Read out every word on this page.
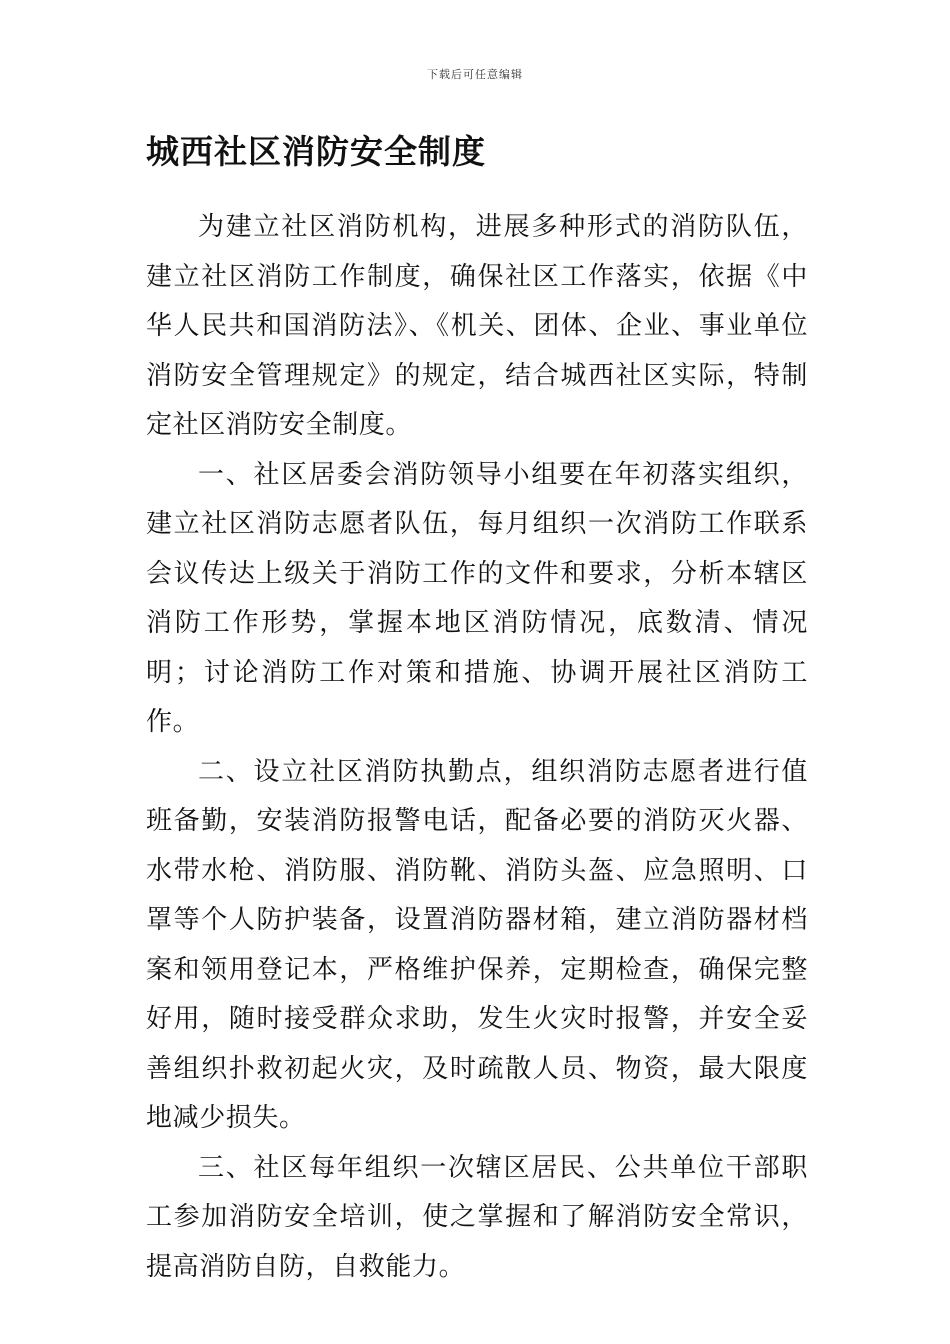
下载后可任意编辑
城西社区消防安全制度

为建立社区消防机构，进展多种形式的消防队伍，建立社区消防工作制度，确保社区工作落实，依据《中华人民共和国消防法》、《机关、团体、企业、事业单位消防安全管理规定》的规定，结合城西社区实际，特制定社区消防安全制度。

一、社区居委会消防领导小组要在年初落实组织，建立社区消防志愿者队伍，每月组织一次消防工作联系会议传达上级关于消防工作的文件和要求，分析本辖区消防工作形势，掌握本地区消防情况，底数清、情况明；讨论消防工作对策和措施、协调开展社区消防工作。

二、设立社区消防执勤点，组织消防志愿者进行值班备勤，安装消防报警电话，配备必要的消防灭火器、水带水枪、消防服、消防靴、消防头盔、应急照明、口罩等个人防护装备，设置消防器材箱，建立消防器材档案和领用登记本，严格维护保养，定期检查，确保完整好用，随时接受群众求助，发生火灾时报警，并安全妥善组织扑救初起火灾，及时疏散人员、物资，最大限度地减少损失。

三、社区每年组织一次辖区居民、公共单位干部职工参加消防安全培训，使之掌握和了解消防安全常识，提高消防自防，自救能力。
